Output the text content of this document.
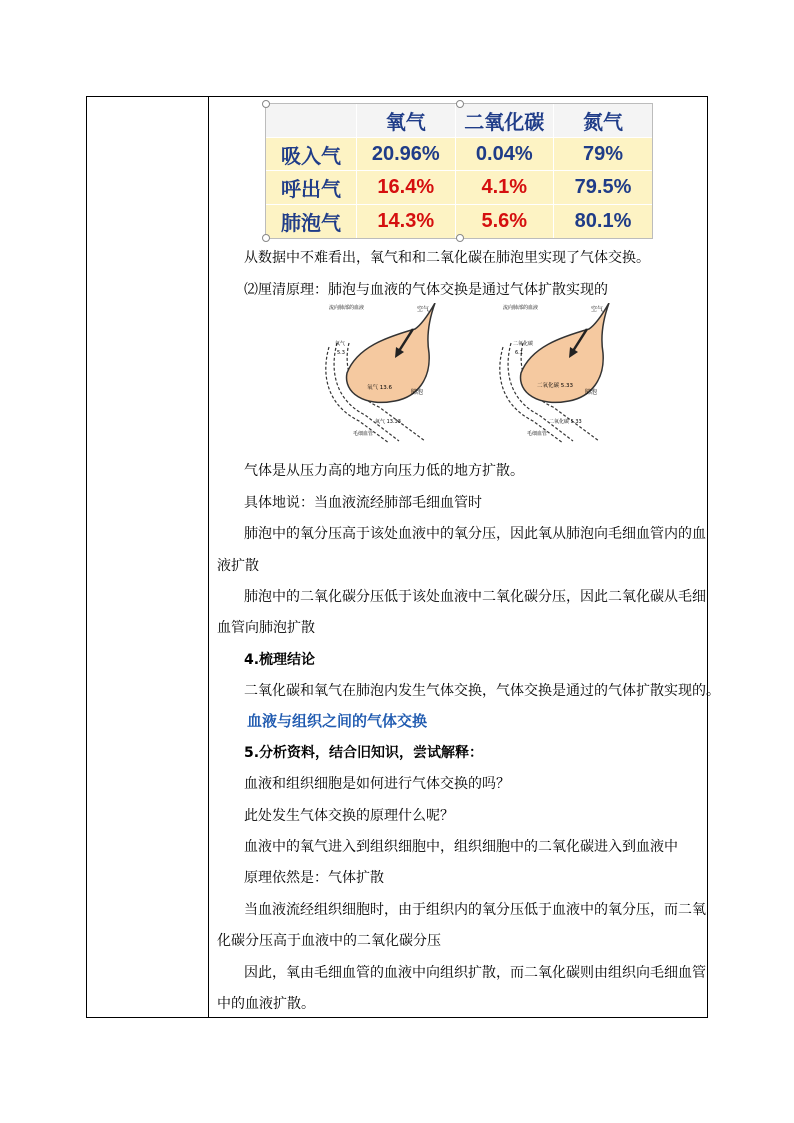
	氧气	二氧化碳	氮气
吸入气	20.96%	0.04%	79%
呼出气	16.4%	4.1%	79.5%
肺泡气	14.3%	5.6%	80.1%
从数据中不难看出，氧气和和二氧化碳在肺泡里实现了气体交换。
⑵厘清原理：肺泡与血液的气体交换是通过气体扩散实现的
流向肺部的血液	空气
氧气
5.3
氧气 13.6
肺泡
氧气 13.33
毛细血管
流向肺部的血液	空气
二氧化碳
6.1
二氧化碳 5.33
肺泡
二氧化碳 5.33
毛细血管
气体是从压力高的地方向压力低的地方扩散。
具体地说：当血液流经肺部毛细血管时
肺泡中的氧分压高于该处血液中的氧分压，因此氧从肺泡向毛细血管内的血
液扩散
肺泡中的二氧化碳分压低于该处血液中二氧化碳分压，因此二氧化碳从毛细
血管向肺泡扩散
4.梳理结论
二氧化碳和氧气在肺泡内发生气体交换，气体交换是通过的气体扩散实现的。
血液与组织之间的气体交换
5.分析资料，结合旧知识，尝试解释：
血液和组织细胞是如何进行气体交换的吗？
此处发生气体交换的原理什么呢？
血液中的氧气进入到组织细胞中，组织细胞中的二氧化碳进入到血液中
原理依然是：气体扩散
当血液流经组织细胞时，由于组织内的氧分压低于血液中的氧分压，而二氧
化碳分压高于血液中的二氧化碳分压
因此，氧由毛细血管的血液中向组织扩散，而二氧化碳则由组织向毛细血管
中的血液扩散。
